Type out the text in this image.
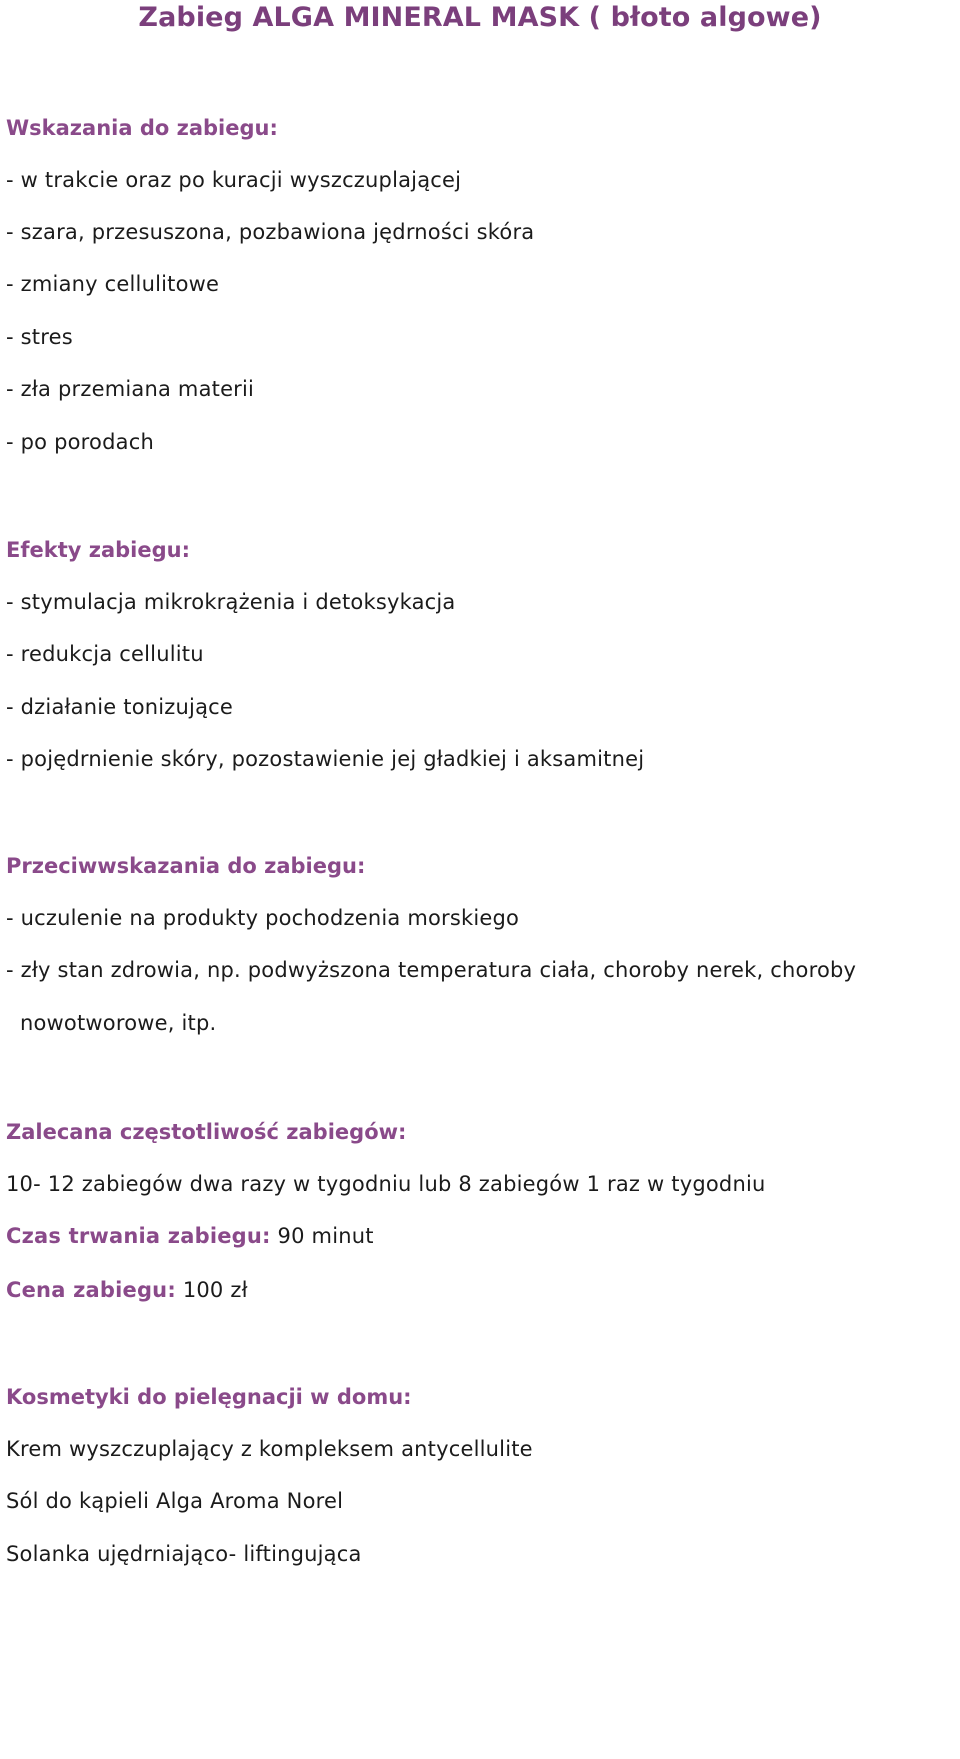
Zabieg ALGA MINERAL MASK ( błoto algowe)

Wskazania do zabiegu:

- w trakcie oraz po kuracji wyszczuplającej

- szara, przesuszona, pozbawiona jędrności skóra

- zmiany cellulitowe

- stres

- zła przemiana materii

- po porodach

Efekty zabiegu:

- stymulacja mikrokrążenia i detoksykacja

- redukcja cellulitu

- działanie tonizujące

- pojędrnienie skóry, pozostawienie jej gładkiej i aksamitnej

Przeciwwskazania do zabiegu:

- uczulenie na produkty pochodzenia morskiego

- zły stan zdrowia, np. podwyższona temperatura ciała, choroby nerek, choroby

nowotworowe, itp.

Zalecana częstotliwość zabiegów:

10- 12 zabiegów dwa razy w tygodniu lub 8 zabiegów 1 raz w tygodniu

Czas trwania zabiegu: 90 minut

Cena zabiegu: 100 zł

Kosmetyki do pielęgnacji w domu:

Krem wyszczuplający z kompleksem antycellulite

Sól do kąpieli Alga Aroma Norel

Solanka ujędrniająco- liftingująca
